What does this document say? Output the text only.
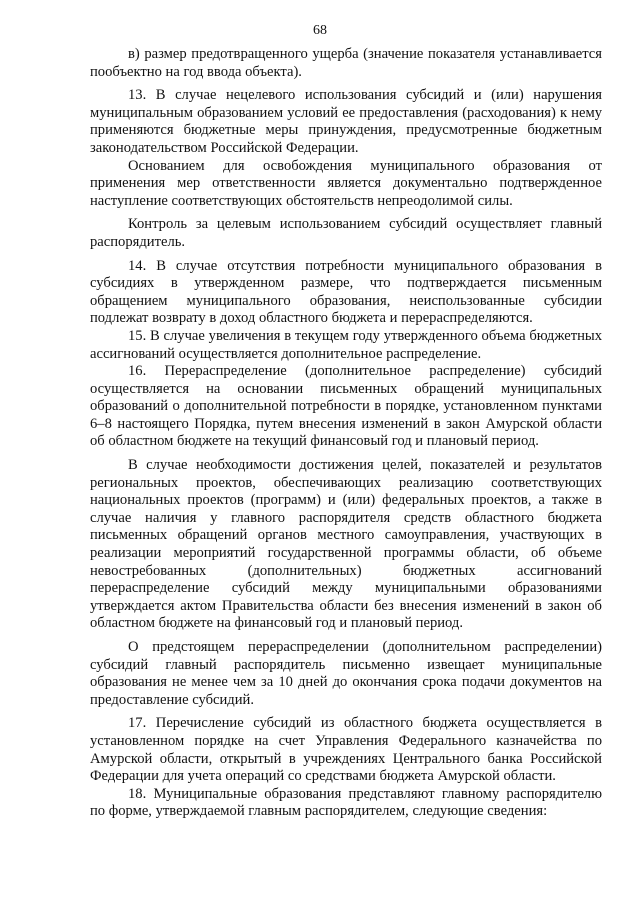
68

в) размер предотвращенного ущерба (значение показателя устанавливается пообъектно на год ввода объекта).

13. В случае нецелевого использования субсидий и (или) нарушения муниципальным образованием условий ее предоставления (расходования) к нему применяются бюджетные меры принуждения, предусмотренные бюджетным законодательством Российской Федерации.

Основанием для освобождения муниципального образования от применения мер ответственности является документально подтвержденное наступление соответствующих обстоятельств непреодолимой силы.

Контроль за целевым использованием субсидий осуществляет главный распорядитель.

14. В случае отсутствия потребности муниципального образования в субсидиях в утвержденном размере, что подтверждается письменным обращением муниципального образования, неиспользованные субсидии подлежат возврату в доход областного бюджета и перераспределяются.

15. В случае увеличения в текущем году утвержденного объема бюджетных ассигнований осуществляется дополнительное распределение.

16. Перераспределение (дополнительное распределение) субсидий осуществляется на основании письменных обращений муниципальных образований о дополнительной потребности в порядке, установленном пунктами 6–8 настоящего Порядка, путем внесения изменений в закон Амурской области об областном бюджете на текущий финансовый год и плановый период.

В случае необходимости достижения целей, показателей и результатов региональных проектов, обеспечивающих реализацию соответствующих национальных проектов (программ) и (или) федеральных проектов, а также в случае наличия у главного распорядителя средств областного бюджета письменных обращений органов местного самоуправления, участвующих в реализации мероприятий государственной программы области, об объеме невостребованных (дополнительных) бюджетных ассигнований перераспределение субсидий между муниципальными образованиями утверждается актом Правительства области без внесения изменений в закон об областном бюджете на финансовый год и плановый период.

О предстоящем перераспределении (дополнительном распределении) субсидий главный распорядитель письменно извещает муниципальные образования не менее чем за 10 дней до окончания срока подачи документов на предоставление субсидий.

17. Перечисление субсидий из областного бюджета осуществляется в установленном порядке на счет Управления Федерального казначейства по Амурской области, открытый в учреждениях Центрального банка Российской Федерации для учета операций со средствами бюджета Амурской области.

18. Муниципальные образования представляют главному распорядителю по форме, утверждаемой главным распорядителем, следующие сведения:
